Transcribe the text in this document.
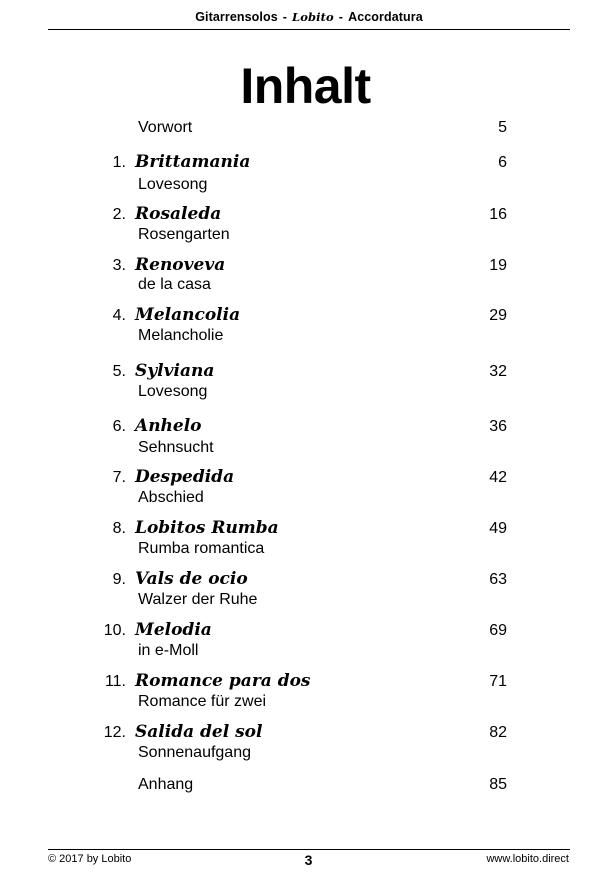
Gitarrensolos - Lobito - Accordatura
Inhalt
Vorwort	5
1. Brittamania	6
Lovesong
2. Rosaleda	16
Rosengarten
3. Renoveva	19
de la casa
4. Melancolia	29
Melancholie
5. Sylviana	32
Lovesong
6. Anhelo	36
Sehnsucht
7. Despedida	42
Abschied
8. Lobitos Rumba	49
Rumba romantica
9. Vals de ocio	63
Walzer der Ruhe
10. Melodia	69
in e-Moll
11. Romance para dos	71
Romance für zwei
12. Salida del sol	82
Sonnenaufgang
Anhang	85
© 2017 by Lobito	3	www.lobito.direct
